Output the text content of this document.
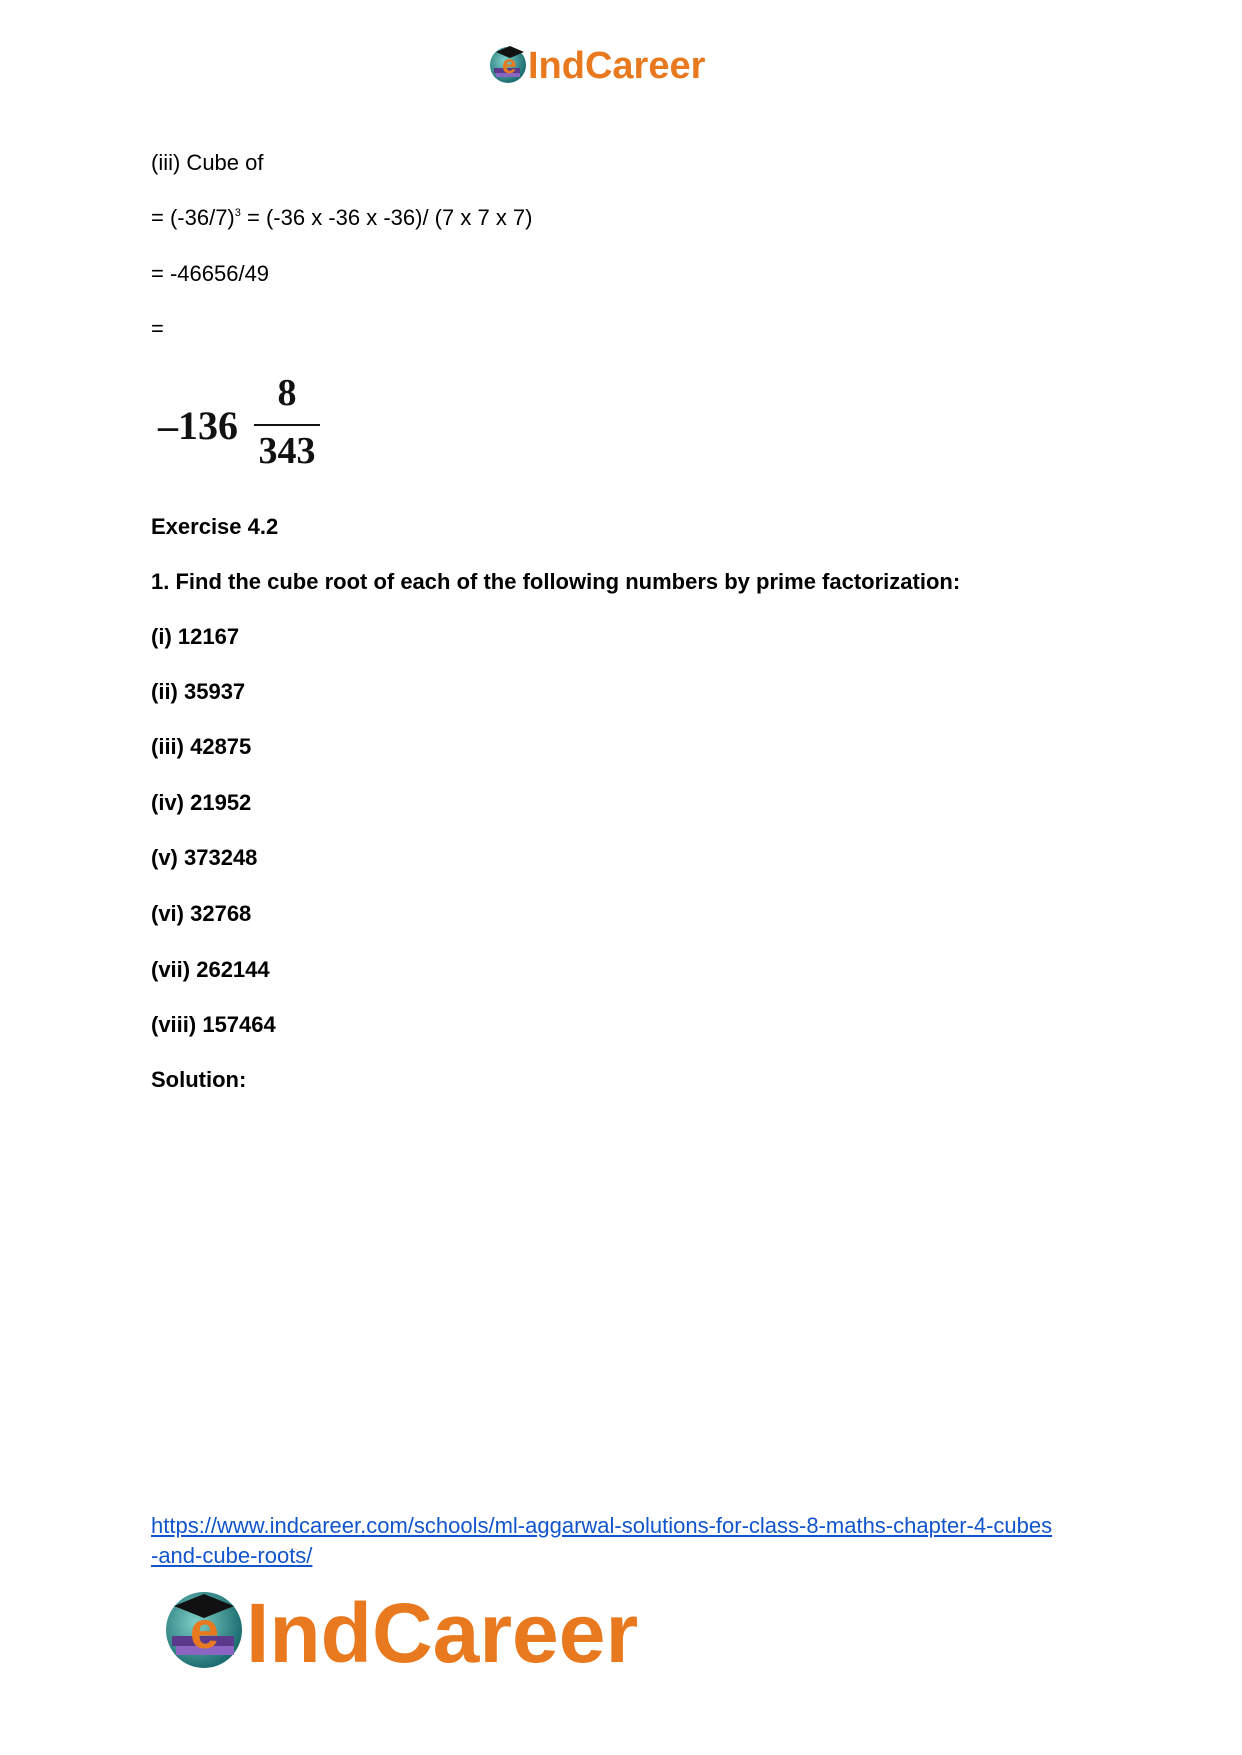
e IndCareer
(iii) Cube of
= $(-36/7)^3 = (-36$ x -36 x -36)/ (7 x 7 x 7)
= -46656/49
=
–136
8
343
Exercise 4.2
1. Find the cube root of each of the following numbers by prime factorization:
(i) 12167
(ii) 35937
(iii) 42875
(iv) 21952
(v) 373248
(vi) 32768
(vii) 262144
(viii) 157464
Solution:
https://www.indcareer.com/schools/ml-aggarwal-solutions-for-class-8-maths-chapter-4-cubes
-and-cube-roots/
e IndCareer
